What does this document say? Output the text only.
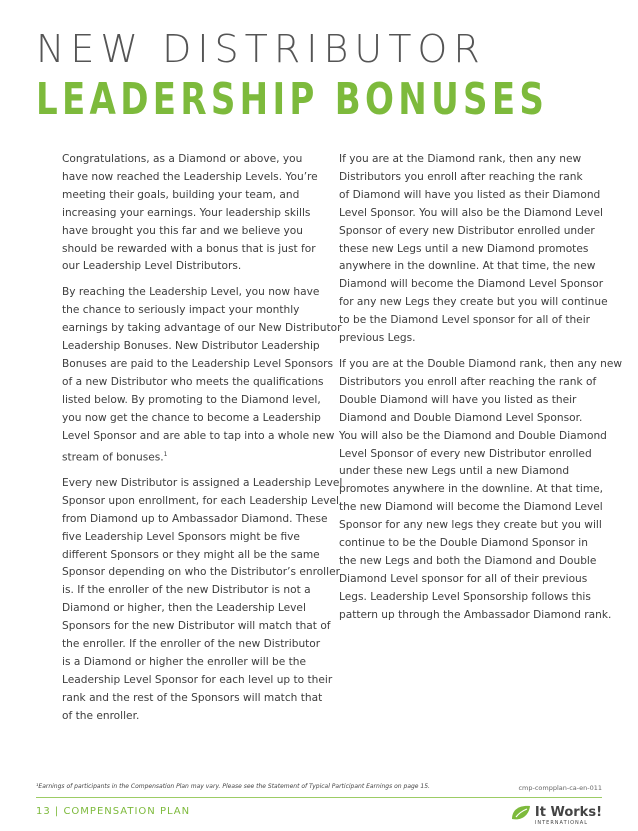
NEW DISTRIBUTOR
LEADERSHIP BONUSES

Congratulations, as a Diamond or above, you
have now reached the Leadership Levels. You’re
meeting their goals, building your team, and
increasing your earnings. Your leadership skills
have brought you this far and we believe you
should be rewarded with a bonus that is just for
our Leadership Level Distributors.

By reaching the Leadership Level, you now have
the chance to seriously impact your monthly
earnings by taking advantage of our New Distributor
Leadership Bonuses. New Distributor Leadership
Bonuses are paid to the Leadership Level Sponsors
of a new Distributor who meets the qualifications
listed below. By promoting to the Diamond level,
you now get the chance to become a Leadership
Level Sponsor and are able to tap into a whole new
stream of bonuses.$^1$

Every new Distributor is assigned a Leadership Level
Sponsor upon enrollment, for each Leadership Level,
from Diamond up to Ambassador Diamond. These
five Leadership Level Sponsors might be five
different Sponsors or they might all be the same
Sponsor depending on who the Distributor’s enroller
is. If the enroller of the new Distributor is not a
Diamond or higher, then the Leadership Level
Sponsors for the new Distributor will match that of
the enroller. If the enroller of the new Distributor
is a Diamond or higher the enroller will be the
Leadership Level Sponsor for each level up to their
rank and the rest of the Sponsors will match that
of the enroller.

If you are at the Diamond rank, then any new
Distributors you enroll after reaching the rank
of Diamond will have you listed as their Diamond
Level Sponsor. You will also be the Diamond Level
Sponsor of every new Distributor enrolled under
these new Legs until a new Diamond promotes
anywhere in the downline. At that time, the new
Diamond will become the Diamond Level Sponsor
for any new Legs they create but you will continue
to be the Diamond Level sponsor for all of their
previous Legs.

If you are at the Double Diamond rank, then any new
Distributors you enroll after reaching the rank of
Double Diamond will have you listed as their
Diamond and Double Diamond Level Sponsor.
You will also be the Diamond and Double Diamond
Level Sponsor of every new Distributor enrolled
under these new Legs until a new Diamond
promotes anywhere in the downline. At that time,
the new Diamond will become the Diamond Level
Sponsor for any new legs they create but you will
continue to be the Double Diamond Sponsor in
the new Legs and both the Diamond and Double
Diamond Level sponsor for all of their previous
Legs. Leadership Level Sponsorship follows this
pattern up through the Ambassador Diamond rank.

¹Earnings of participants in the Compensation Plan may vary. Please see the Statement of Typical Participant Earnings on page 15.	cmp-compplan-ca-en-011
13 | COMPENSATION PLAN	It Works!
INTERNATIONAL
